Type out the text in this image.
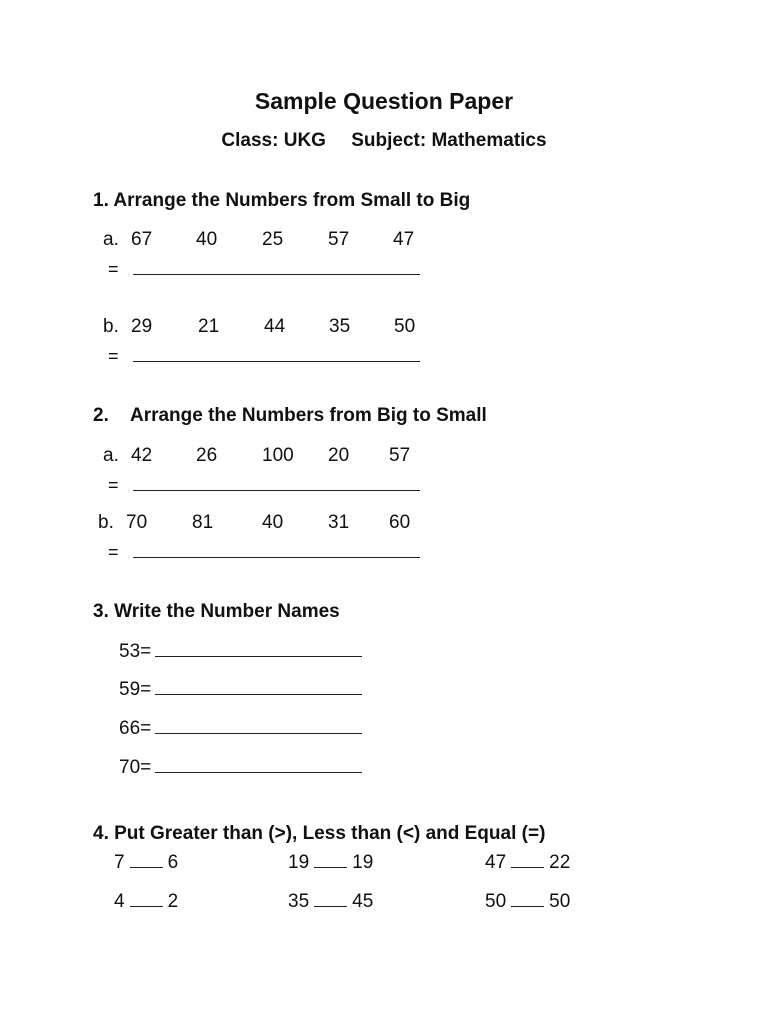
Sample Question Paper
Class: UKG Subject: Mathematics
1. Arrange the Numbers from Small to Big
a. 67 40 25 57 47
=
b. 29 21 44 35 50
=
2.    Arrange the Numbers from Big to Small
a. 42 26 100 20 57
=
b. 70 81	40 31 60
=
3. Write the Number Names
53=
59=
66=
70=
4. Put Greater than (>), Less than (<) and Equal (=)
7 6	19 19	47 22
4 2	35 45	50 50
